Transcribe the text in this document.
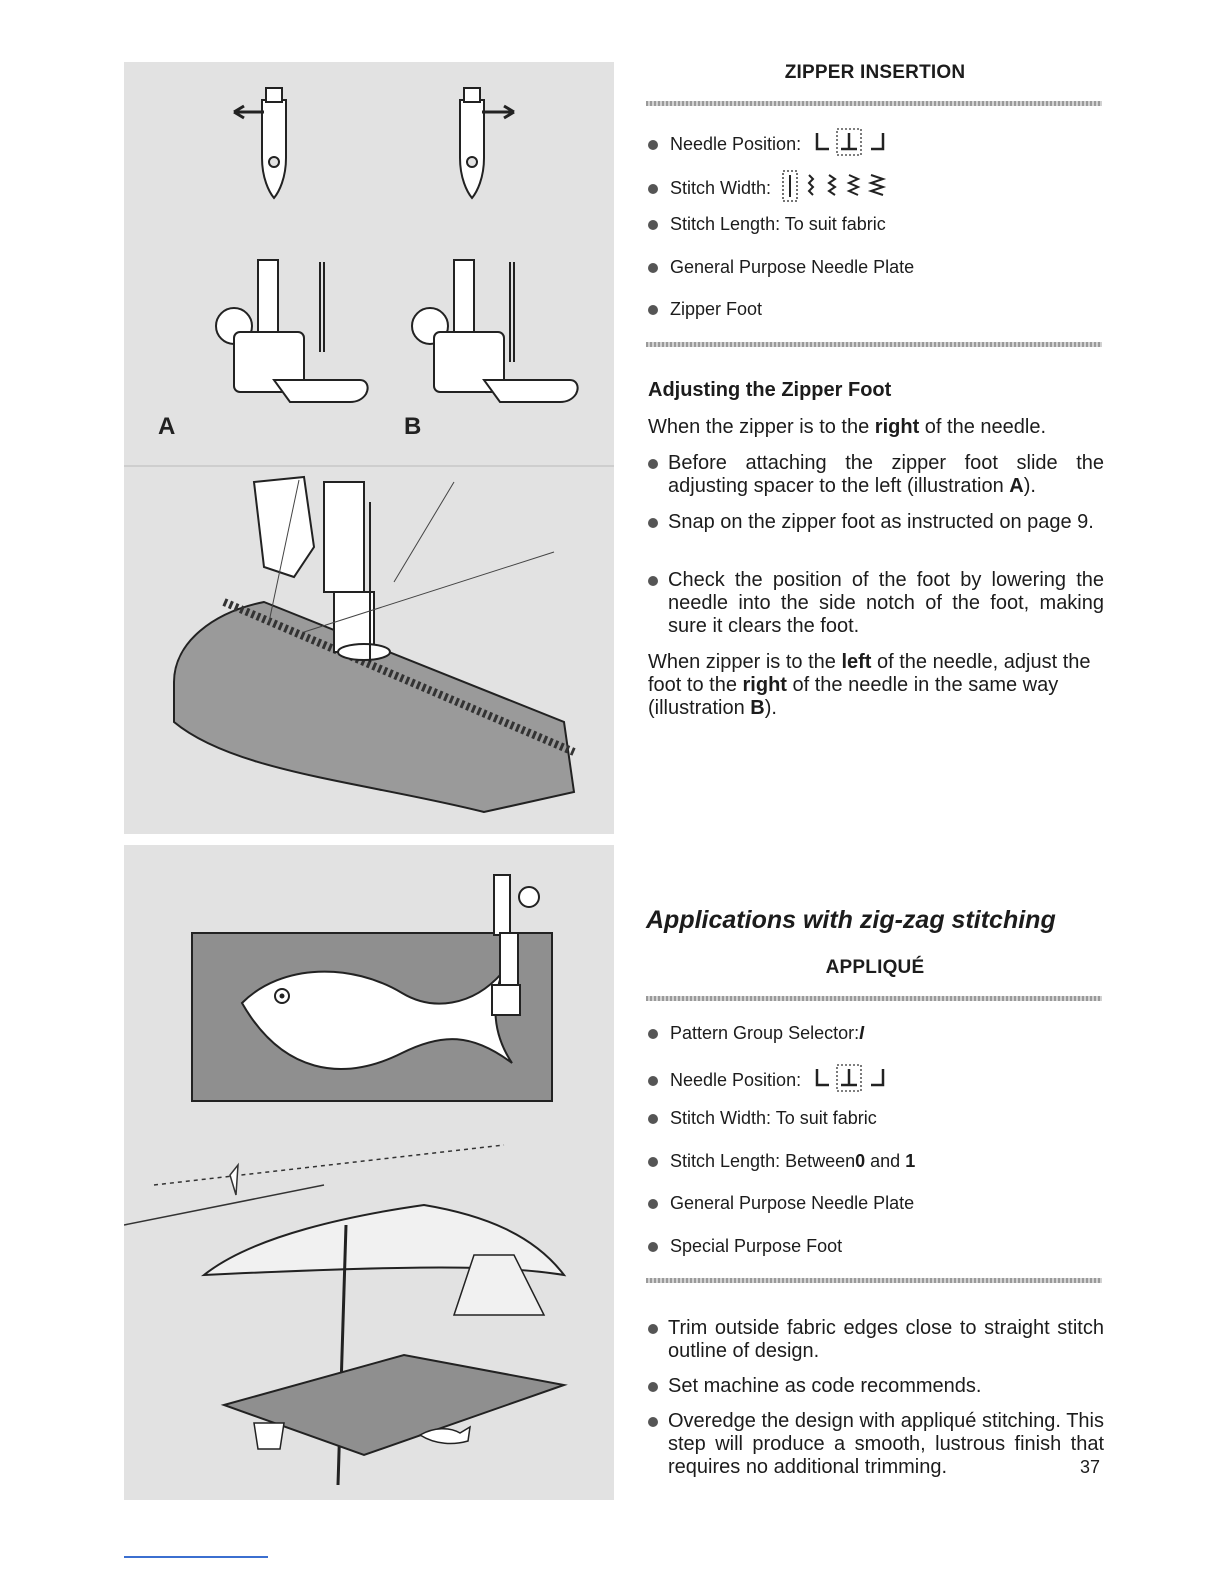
A	B
ZIPPER INSERTION
Needle Position:
Stitch Width:
Stitch Length: To suit fabric
General Purpose Needle Plate
Zipper Foot
Adjusting the Zipper Foot
When the zipper is to the right of the needle.
Before attaching the zipper foot slide the adjusting spacer to the left (illustration A).
Snap on the zipper foot as instructed on page 9.
Check the position of the foot by lowering the needle into the side notch of the foot, making sure it clears the foot.
When zipper is to the left of the needle, adjust the foot to the right of the needle in the same way (illustration B).
Applications with zig-zag stitching
APPLIQUÉ
Pattern Group Selector: I
Needle Position:
Stitch Width: To suit fabric
Stitch Length: Between 0 and 1
General Purpose Needle Plate
Special Purpose Foot
Trim outside fabric edges close to straight stitch outline of design.
Set machine as code recommends.
Overedge the design with appliqué stitching. This step will produce a smooth, lustrous finish that requires no additional trimming.	37
